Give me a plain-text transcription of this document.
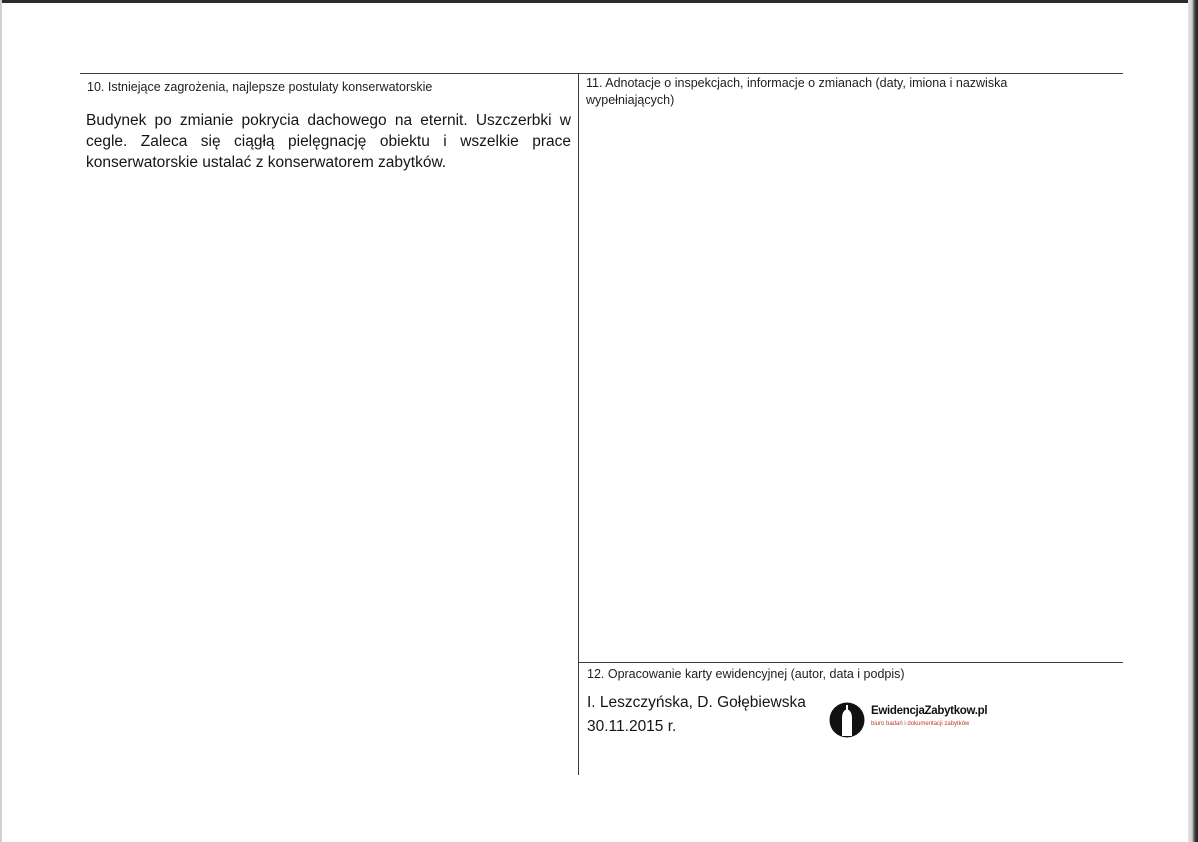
10. Istniejące zagrożenia, najlepsze postulaty konserwatorskie
Budynek po zmianie pokrycia dachowego na eternit. Uszczerbki w cegle. Zaleca się ciągłą pielęgnację obiektu i wszelkie prace konserwatorskie ustalać z konserwatorem zabytków.
11. Adnotacje o inspekcjach, informacje o zmianach (daty, imiona i nazwiska wypełniających)
12. Opracowanie karty ewidencyjnej (autor, data i podpis)
I. Leszczyńska, D. Gołębiewska
30.11.2015 r.
EwidencjaZabytkow.pl
biuro badań i dokumentacji zabytków
